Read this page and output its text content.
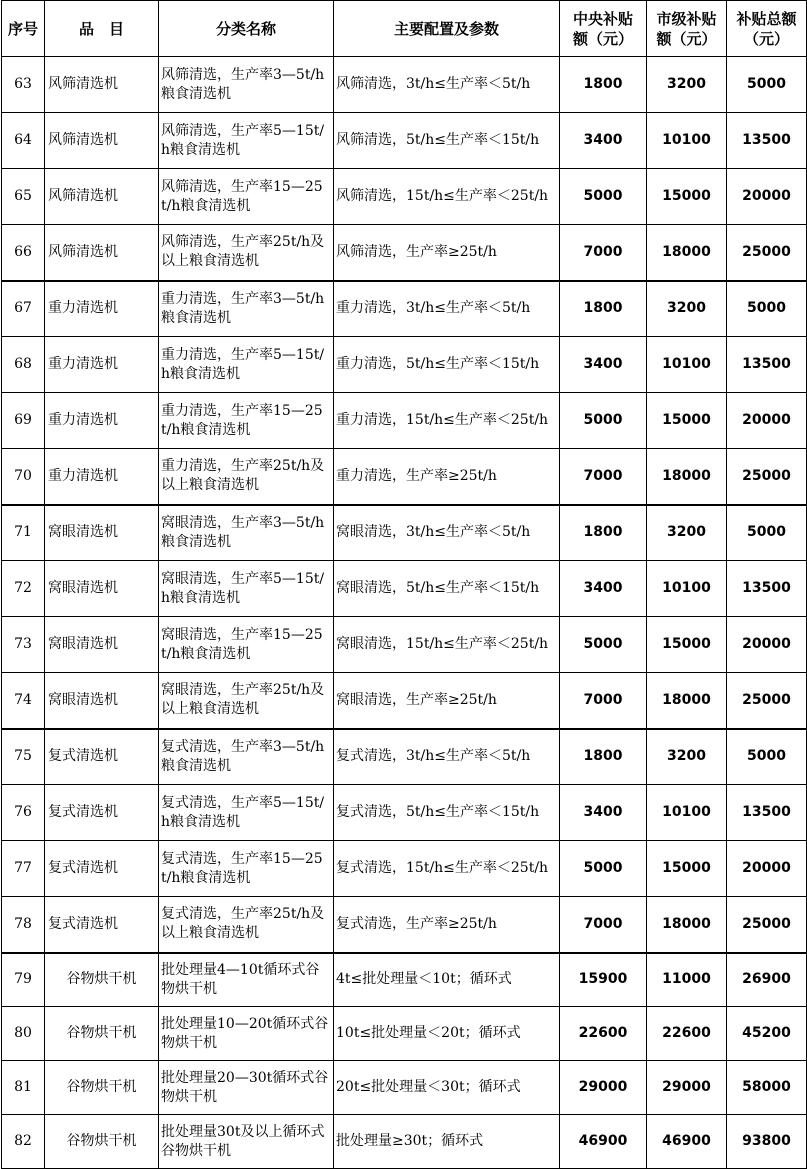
序号	品　目	分类名称	主要配置及参数	中央补贴额（元）	市级补贴额（元）	补贴总额（元）
63	风筛清选机	风筛清选，生产率3—5t/h粮食清选机	风筛清选，3t/h≤生产率＜5t/h	1800	3200	5000
64	风筛清选机	风筛清选，生产率5—15t/h粮食清选机	风筛清选，5t/h≤生产率＜15t/h	3400	10100	13500
65	风筛清选机	风筛清选，生产率15—25t/h粮食清选机	风筛清选，15t/h≤生产率＜25t/h	5000	15000	20000
66	风筛清选机	风筛清选，生产率25t/h及以上粮食清选机	风筛清选，生产率≥25t/h	7000	18000	25000
67	重力清选机	重力清选，生产率3—5t/h粮食清选机	重力清选，3t/h≤生产率＜5t/h	1800	3200	5000
68	重力清选机	重力清选，生产率5—15t/h粮食清选机	重力清选，5t/h≤生产率＜15t/h	3400	10100	13500
69	重力清选机	重力清选，生产率15—25t/h粮食清选机	重力清选，15t/h≤生产率＜25t/h	5000	15000	20000
70	重力清选机	重力清选，生产率25t/h及以上粮食清选机	重力清选，生产率≥25t/h	7000	18000	25000
71	窝眼清选机	窝眼清选，生产率3—5t/h粮食清选机	窝眼清选，3t/h≤生产率＜5t/h	1800	3200	5000
72	窝眼清选机	窝眼清选，生产率5—15t/h粮食清选机	窝眼清选，5t/h≤生产率＜15t/h	3400	10100	13500
73	窝眼清选机	窝眼清选，生产率15—25t/h粮食清选机	窝眼清选，15t/h≤生产率＜25t/h	5000	15000	20000
74	窝眼清选机	窝眼清选，生产率25t/h及以上粮食清选机	窝眼清选，生产率≥25t/h	7000	18000	25000
75	复式清选机	复式清选，生产率3—5t/h粮食清选机	复式清选，3t/h≤生产率＜5t/h	1800	3200	5000
76	复式清选机	复式清选，生产率5—15t/h粮食清选机	复式清选，5t/h≤生产率＜15t/h	3400	10100	13500
77	复式清选机	复式清选，生产率15—25t/h粮食清选机	复式清选，15t/h≤生产率＜25t/h	5000	15000	20000
78	复式清选机	复式清选，生产率25t/h及以上粮食清选机	复式清选，生产率≥25t/h	7000	18000	25000
79	谷物烘干机	批处理量4—10t循环式谷物烘干机	4t≤批处理量＜10t；循环式	15900	11000	26900
80	谷物烘干机	批处理量10—20t循环式谷物烘干机	10t≤批处理量＜20t；循环式	22600	22600	45200
81	谷物烘干机	批处理量20—30t循环式谷物烘干机	20t≤批处理量＜30t；循环式	29000	29000	58000
82	谷物烘干机	批处理量30t及以上循环式谷物烘干机	批处理量≥30t；循环式	46900	46900	93800
